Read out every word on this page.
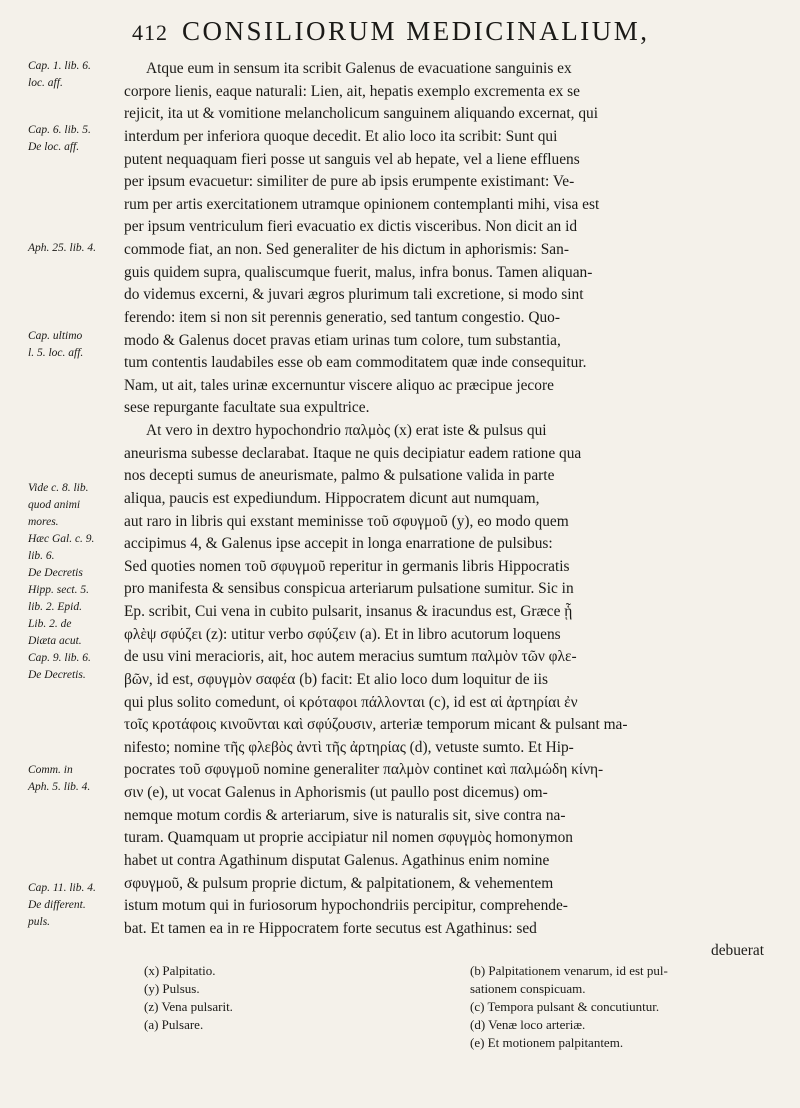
412 CONSILIORUM MEDICINALIUM,
Cap. 1. lib. 6.
loc. aff.
Cap. 6. lib. 5.
De loc. aff.
Aph. 25. lib. 4.
Cap. ultimo
l. 5. loc. aff.
Vide c. 8. lib.
quod animi
mores.
Hæc Gal. c. 9.
lib. 6.
De Decretis
Hipp. sect. 5.
lib. 2. Epid.
Lib. 2. de
Diæta acut.
Cap. 9. lib. 6.
De Decretis.
Comm. in
Aph. 5. lib. 4.
Cap. 11. lib. 4.
De different.
puls.
Atque eum in sensum ita scribit Galenus de evacuatione sanguinis ex
corpore lienis, eaque naturali: Lien, ait, hepatis exemplo excrementa ex se
rejicit, ita ut & vomitione melancholicum sanguinem aliquando excernat, qui
interdum per inferiora quoque decedit. Et alio loco ita scribit: Sunt qui
putent nequaquam fieri posse ut sanguis vel ab hepate, vel a liene effluens
per ipsum evacuetur: similiter de pure ab ipsis erumpente existimant: Ve-
rum per artis exercitationem utramque opinionem contemplanti mihi, visa est
per ipsum ventriculum fieri evacuatio ex dictis visceribus. Non dicit an id
commode fiat, an non. Sed generaliter de his dictum in aphorismis: San-
guis quidem supra, qualiscumque fuerit, malus, infra bonus. Tamen aliquan-
do videmus excerni, & juvari ægros plurimum tali excretione, si modo sint
ferendo: item si non sit perennis generatio, sed tantum congestio. Quo-
modo & Galenus docet pravas etiam urinas tum colore, tum substantia,
tum contentis laudabiles esse ob eam commoditatem quæ inde consequitur.
Nam, ut ait, tales urinæ excernuntur viscere aliquo ac præcipue jecore
sese repurgante facultate sua expultrice.
At vero in dextro hypochondrio παλμὸς (x) erat iste & pulsus qui
aneurisma subesse declarabat. Itaque ne quis decipiatur eadem ratione qua
nos decepti sumus de aneurismate, palmo & pulsatione valida in parte
aliqua, paucis est expediundum. Hippocratem dicunt aut numquam,
aut raro in libris qui exstant meminisse τοῦ σφυγμοῦ (y), eo modo quem
accipimus 4, & Galenus ipse accepit in longa enarratione de pulsibus:
Sed quoties nomen τοῦ σφυγμοῦ reperitur in germanis libris Hippocratis
pro manifesta & sensibus conspicua arteriarum pulsatione sumitur. Sic in
Ep. scribit, Cui vena in cubito pulsarit, insanus & iracundus est, Græce ᾗ
φλὲψ σφύζει (z): utitur verbo σφύζειν (a). Et in libro acutorum loquens
de usu vini meracioris, ait, hoc autem meracius sumtum παλμὸν τῶν φλε-
βῶν, id est, σφυγμὸν σαφέα (b) facit: Et alio loco dum loquitur de iis
qui plus solito comedunt, οἱ κρόταφοι πάλλονται (c), id est αἱ ἀρτηρίαι ἐν
τοῖς κροτάφοις κινοῦνται καὶ σφύζουσιν, arteriæ temporum micant & pulsant ma-
nifesto; nomine τῆς φλεβὸς ἀντὶ τῆς ἀρτηρίας (d), vetuste sumto. Et Hip-
pocrates τοῦ σφυγμοῦ nomine generaliter παλμὸν continet καὶ παλμώδη κίνη-
σιν (e), ut vocat Galenus in Aphorismis (ut paullo post dicemus) om-
nemque motum cordis & arteriarum, sive is naturalis sit, sive contra na-
turam. Quamquam ut proprie accipiatur nil nomen σφυγμὸς homonymon
habet ut contra Agathinum disputat Galenus. Agathinus enim nomine
σφυγμοῦ, & pulsum proprie dictum, & palpitationem, & vehementem
istum motum qui in furiosorum hypochondriis percipitur, comprehende-
bat. Et tamen ea in re Hippocratem forte secutus est Agathinus: sed
debuerat
(x) Palpitatio.
(y) Pulsus.
(z) Vena pulsarit.
(a) Pulsare.
(b) Palpitationem venarum, id est pul-
sationem conspicuam.
(c) Tempora pulsant & concutiuntur.
(d) Venæ loco arteriæ.
(e) Et motionem palpitantem.
